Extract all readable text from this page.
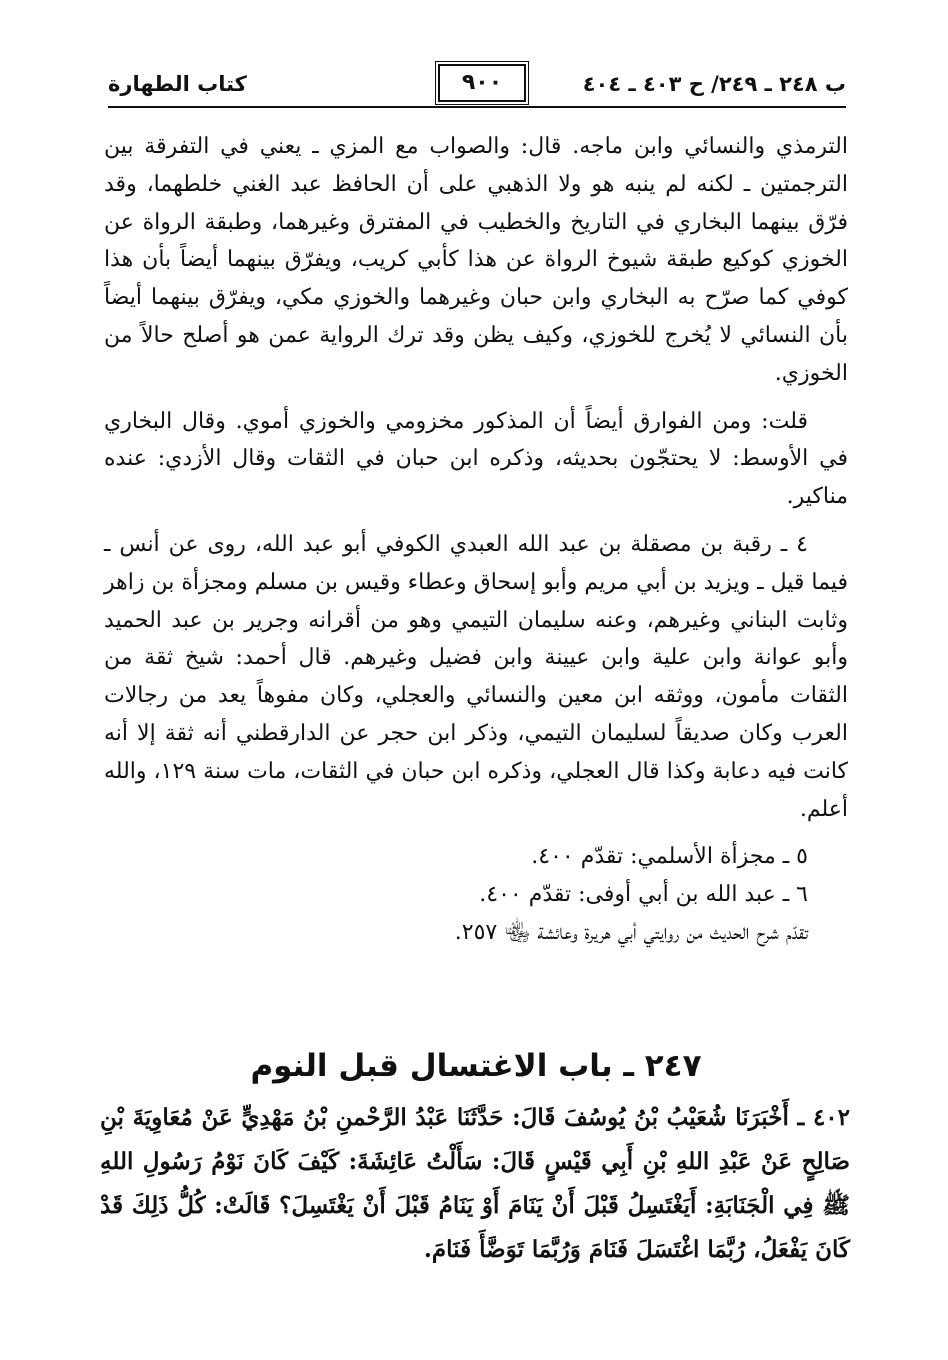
ب ٢٤٨ ـ ٢٤٩/ ح ٤٠٣ ـ ٤٠٤
٩٠٠
كتاب الطهارة

الترمذي والنسائي وابن ماجه. قال: والصواب مع المزي ـ يعني في التفرقة بين الترجمتين ـ لكنه لم ينبه هو ولا الذهبي على أن الحافظ عبد الغني خلطهما، وقد فرّق بينهما البخاري في التاريخ والخطيب في المفترق وغيرهما، وطبقة الرواة عن الخوزي كوكيع طبقة شيوخ الرواة عن هذا كأبي كريب، ويفرّق بينهما أيضاً بأن هذا كوفي كما صرّح به البخاري وابن حبان وغيرهما والخوزي مكي، ويفرّق بينهما أيضاً بأن النسائي لا يُخرج للخوزي، وكيف يظن وقد ترك الرواية عمن هو أصلح حالاً من الخوزي.

قلت: ومن الفوارق أيضاً أن المذكور مخزومي والخوزي أموي. وقال البخاري في الأوسط: لا يحتجّون بحديثه، وذكره ابن حبان في الثقات وقال الأزدي: عنده مناكير.

٤ ـ رقبة بن مصقلة بن عبد الله العبدي الكوفي أبو عبد الله، روى عن أنس ـ فيما قيل ـ ويزيد بن أبي مريم وأبو إسحاق وعطاء وقيس بن مسلم ومجزأة بن زاهر وثابت البناني وغيرهم، وعنه سليمان التيمي وهو من أقرانه وجرير بن عبد الحميد وأبو عوانة وابن علية وابن عيينة وابن فضيل وغيرهم. قال أحمد: شيخ ثقة من الثقات مأمون، ووثقه ابن معين والنسائي والعجلي، وكان مفوهاً يعد من رجالات العرب وكان صديقاً لسليمان التيمي، وذكر ابن حجر عن الدارقطني أنه ثقة إلا أنه كانت فيه دعابة وكذا قال العجلي، وذكره ابن حبان في الثقات، مات سنة ١٢٩، والله أعلم.

٥ ـ مجزأة الأسلمي: تقدّم ٤٠٠.

٦ ـ عبد الله بن أبي أوفى: تقدّم ٤٠٠.

تقدّم شرح الحديث من روايتي أبي هريرة وعائشة ﵄ ٢٥٧.

٢٤٧ ـ باب الاغتسال قبل النوم

٤٠٢ ـ أَخْبَرَنَا شُعَيْبُ بْنُ يُوسُفَ قَالَ: حَدَّثَنَا عَبْدُ الرَّحْمنِ بْنُ مَهْدِيٍّ عَنْ مُعَاوِيَةَ بْنِ صَالِحٍ عَنْ عَبْدِ اللهِ بْنِ أَبِي قَيْسٍ قَالَ: سَأَلْتُ عَائِشَةَ: كَيْفَ كَانَ نَوْمُ رَسُولِ اللهِ ﷺ فِي الْجَنَابَةِ: أَيَغْتَسِلُ قَبْلَ أَنْ يَنَامَ أَوْ يَنَامُ قَبْلَ أَنْ يَغْتَسِلَ؟ قَالَتْ: كُلُّ ذَلِكَ قَدْ كَانَ يَفْعَلُ، رُبَّمَا اغْتَسَلَ فَنَامَ وَرُبَّمَا تَوَضَّأَ فَنَامَ.
